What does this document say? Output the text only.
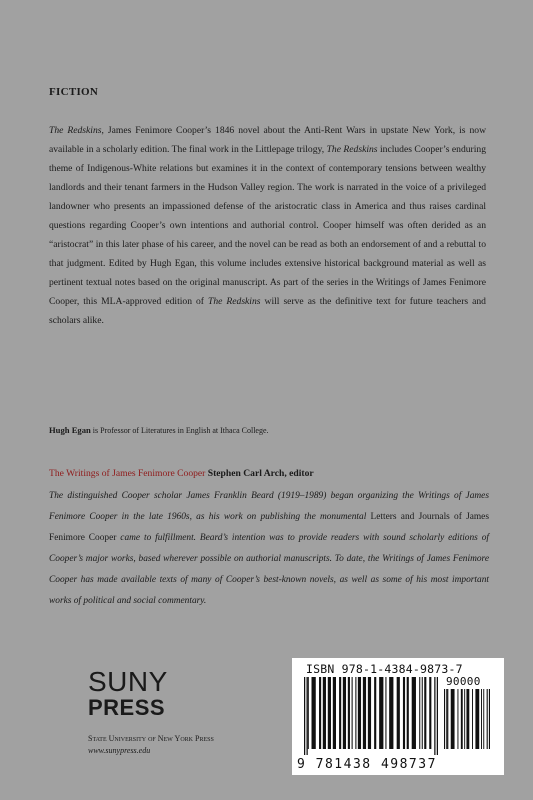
FICTION
The Redskins, James Fenimore Cooper’s 1846 novel about the Anti-Rent Wars in upstate New York, is now available in a scholarly edition. The final work in the Littlepage trilogy, The Redskins includes Cooper’s enduring theme of Indigenous-White relations but examines it in the context of contemporary tensions between wealthy landlords and their tenant farmers in the Hudson Valley region. The work is narrated in the voice of a privileged landowner who presents an impassioned defense of the aristocratic class in America and thus raises cardinal questions regarding Cooper’s own intentions and authorial control. Cooper himself was often derided as an “aristocrat” in this later phase of his career, and the novel can be read as both an endorsement of and a rebuttal to that judgment. Edited by Hugh Egan, this volume includes extensive historical background material as well as pertinent textual notes based on the original manuscript. As part of the series in the Writings of James Fenimore Cooper, this MLA-approved edition of The Redskins will serve as the definitive text for future teachers and scholars alike.
Hugh Egan is Professor of Literatures in English at Ithaca College.
The Writings of James Fenimore Cooper Stephen Carl Arch, editor
The distinguished Cooper scholar James Franklin Beard (1919–1989) began organizing the Writings of James Fenimore Cooper in the late 1960s, as his work on publishing the monumental Letters and Journals of James Fenimore Cooper came to fulfillment. Beard’s intention was to provide readers with sound scholarly editions of Cooper’s major works, based wherever possible on authorial manuscripts. To date, the Writings of James Fenimore Cooper has made available texts of many of Cooper’s best-known novels, as well as some of his most important works of political and social commentary.
SUNY
PRESS
State University of New York Press
www.sunypress.edu
ISBN 978-1-4384-9873-7
90000
9 781438 498737
